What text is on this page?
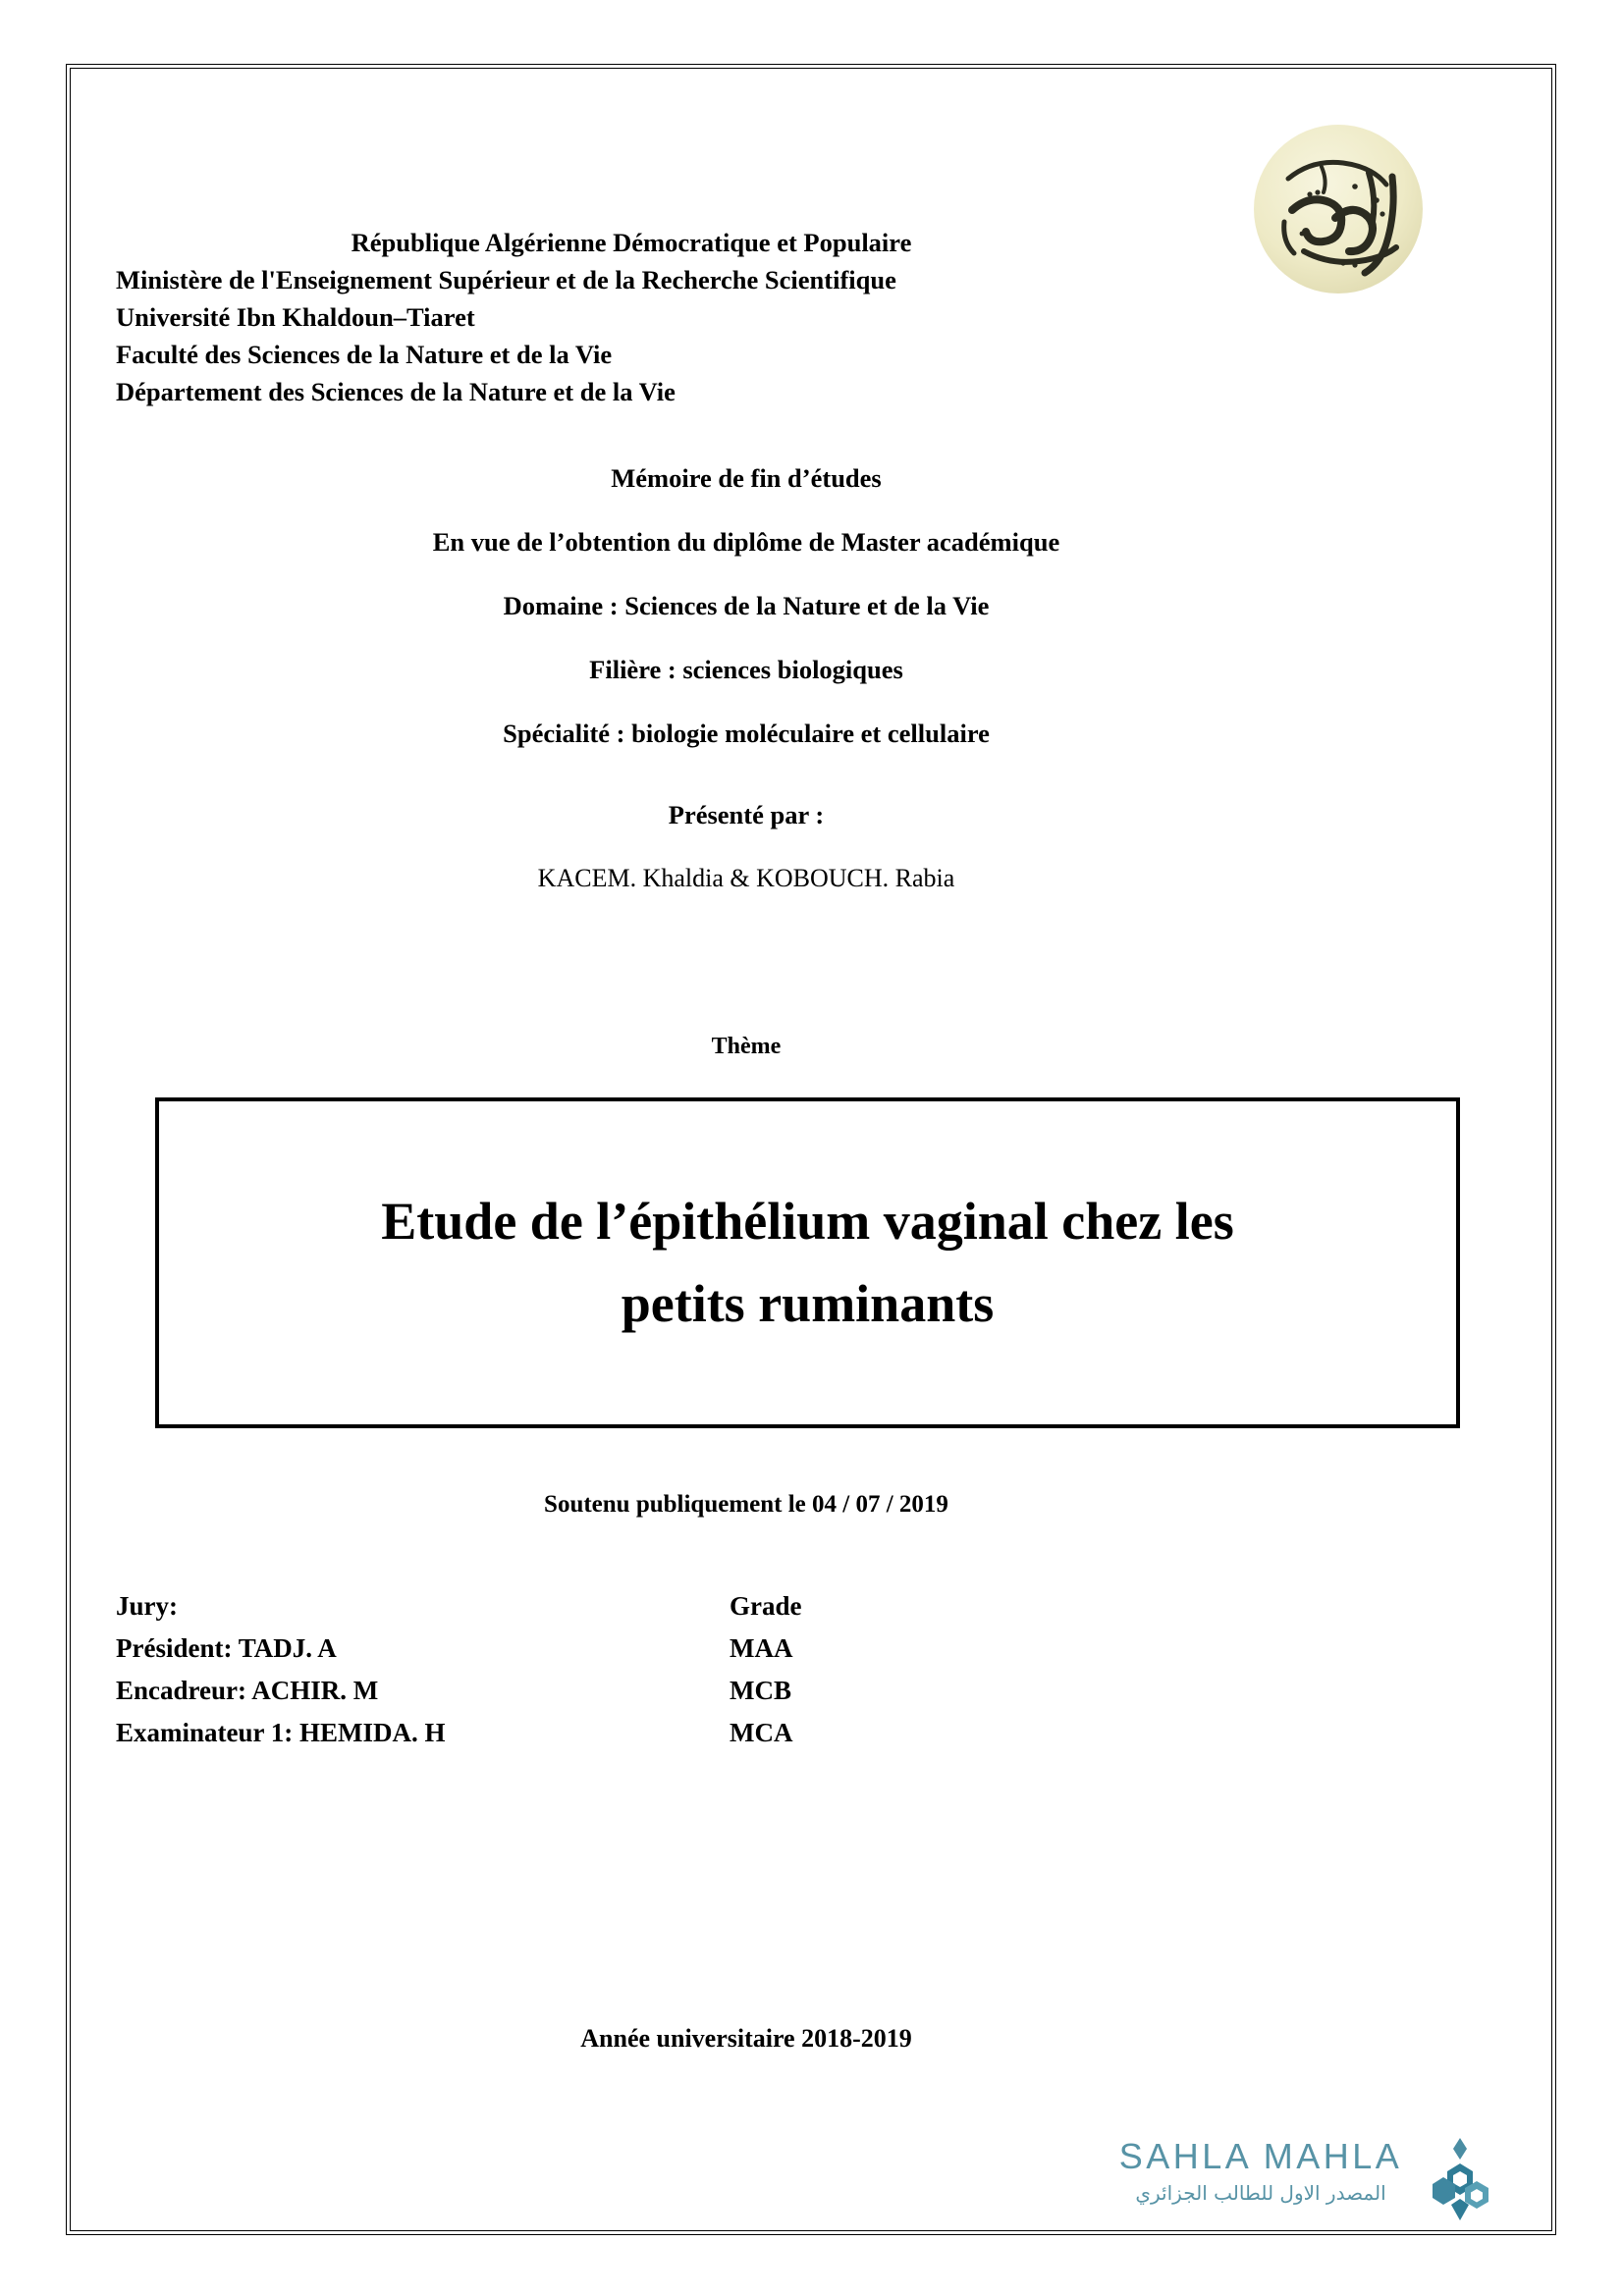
République Algérienne Démocratique et Populaire
Ministère de l'Enseignement Supérieur et de la Recherche Scientifique
Université Ibn Khaldoun–Tiaret
Faculté des Sciences de la Nature et de la Vie
Département des Sciences de la Nature et de la Vie
Mémoire de fin d’études
En vue de l’obtention du diplôme de Master académique
Domaine : Sciences de la Nature et de la Vie
Filière : sciences biologiques
Spécialité : biologie moléculaire et cellulaire
Présenté par :
KACEM. Khaldia & KOBOUCH. Rabia
Thème
Etude de l’épithélium vaginal chez les
petits ruminants
Soutenu publiquement le 04 / 07 / 2019
Jury:	Grade
Président: TADJ. A	MAA
Encadreur: ACHIR. M	MCB
Examinateur 1: HEMIDA. H	MCA
Année universitaire 2018-2019
SAHLA MAHLA
المصدر الاول للطالب الجزائري
